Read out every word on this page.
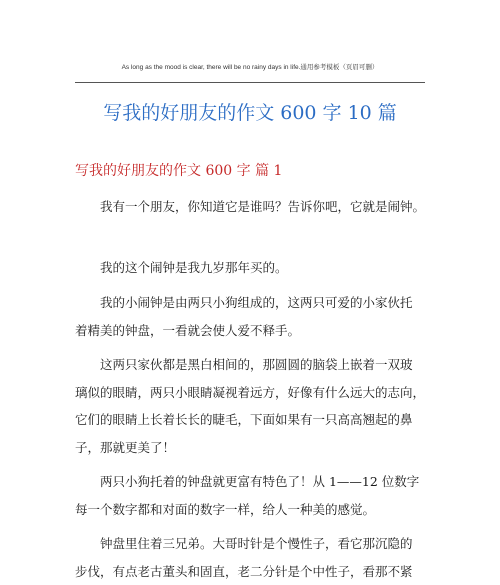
As long as the mood is clear, there will be no rainy days in life.通用参考模板（页眉可删）
写我的好朋友的作文 600 字 10 篇
写我的好朋友的作文 600 字 篇 1

我有一个朋友，你知道它是谁吗？告诉你吧，它就是闹钟。

我的这个闹钟是我九岁那年买的。

我的小闹钟是由两只小狗组成的，这两只可爱的小家伙托
着精美的钟盘，一看就会使人爱不释手。

这两只家伙都是黑白相间的，那圆圆的脑袋上嵌着一双玻
璃似的眼睛，两只小眼睛凝视着远方，好像有什么远大的志向，
它们的眼睛上长着长长的睫毛，下面如果有一只高高翘起的鼻
子，那就更美了！

两只小狗托着的钟盘就更富有特色了！从 1——12 位数字
每一个数字都和对面的数字一样，给人一种美的感觉。

钟盘里住着三兄弟。大哥时针是个慢性子，看它那沉隐的
步伐，有点老古董头和固直，老二分针是个中性子，看那不紧
